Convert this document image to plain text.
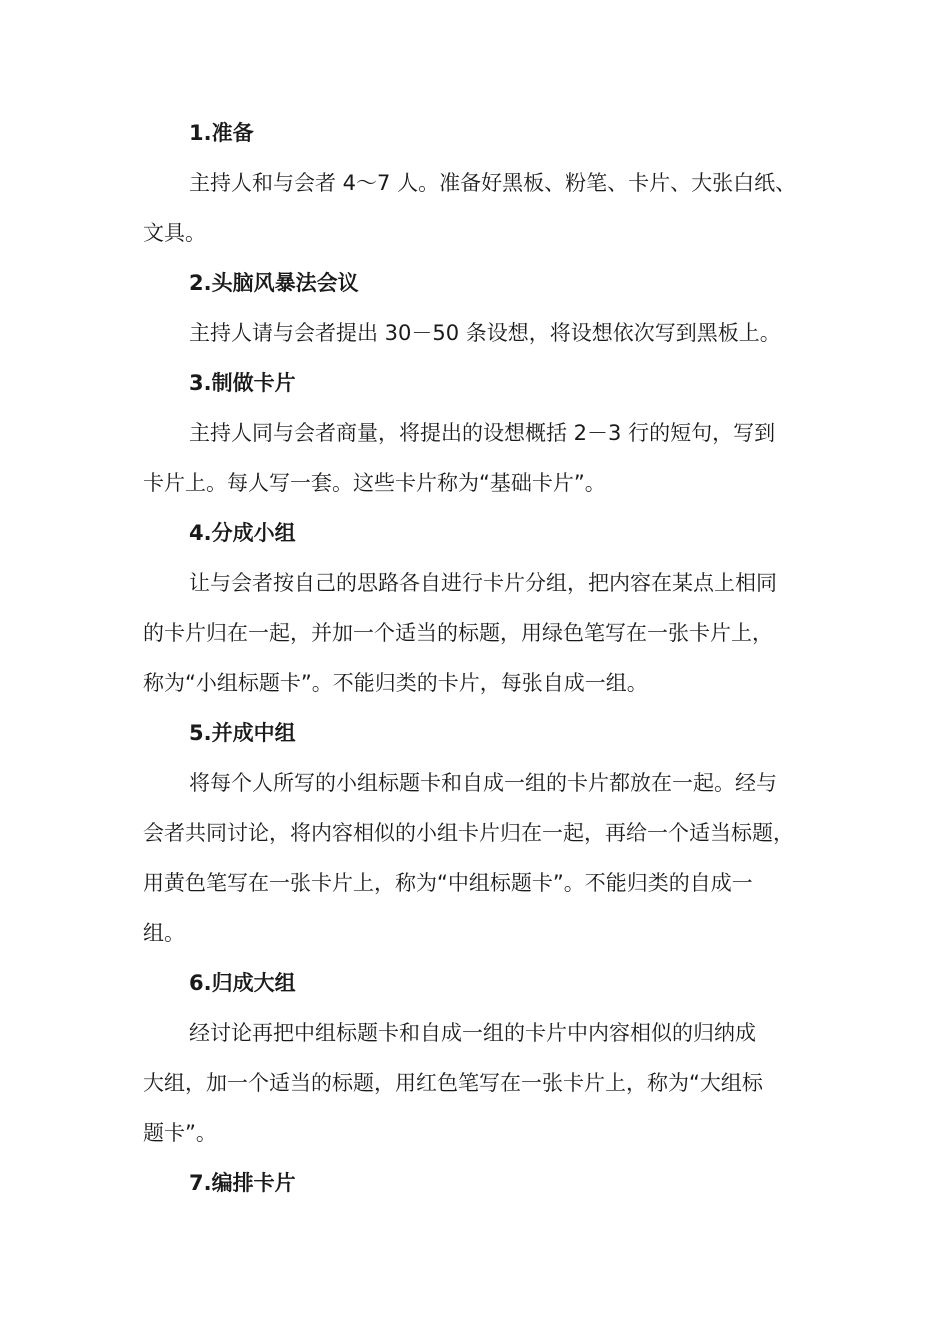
1.准备
主持人和与会者 4～7 人。准备好黑板、粉笔、卡片、大张白纸、
文具。
2.头脑风暴法会议
主持人请与会者提出 30－50 条设想，将设想依次写到黑板上。
3.制做卡片
主持人同与会者商量，将提出的设想概括 2－3 行的短句，写到
卡片上。每人写一套。这些卡片称为“基础卡片”。
4.分成小组
让与会者按自己的思路各自进行卡片分组，把内容在某点上相同
的卡片归在一起，并加一个适当的标题，用绿色笔写在一张卡片上，
称为“小组标题卡”。不能归类的卡片，每张自成一组。
5.并成中组
将每个人所写的小组标题卡和自成一组的卡片都放在一起。经与
会者共同讨论，将内容相似的小组卡片归在一起，再给一个适当标题，
用黄色笔写在一张卡片上，称为“中组标题卡”。不能归类的自成一
组。
6.归成大组
经讨论再把中组标题卡和自成一组的卡片中内容相似的归纳成
大组，加一个适当的标题，用红色笔写在一张卡片上，称为“大组标
题卡”。
7.编排卡片
